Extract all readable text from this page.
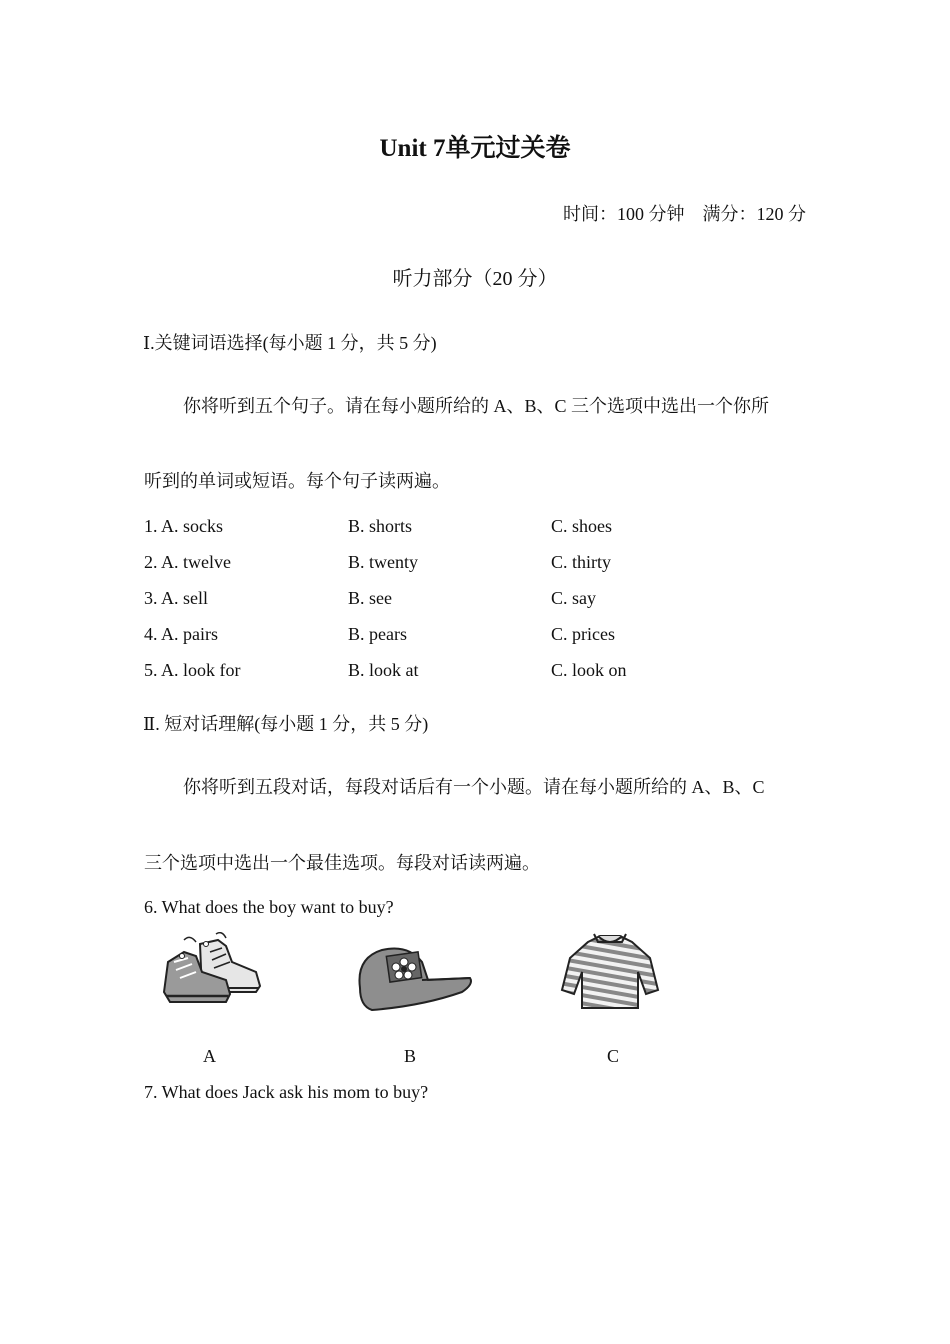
Unit 7单元过关卷
时间：100 分钟 满分：120 分
听力部分（20 分）
Ⅰ.关键词语选择(每小题 1 分，共 5 分)
你将听到五个句子。请在每小题所给的 A、B、C 三个选项中选出一个你所
听到的单词或短语。每个句子读两遍。
1. A. socks	B. shorts	C. shoes
2. A. twelve	B. twenty	C. thirty
3. A. sell	B. see	C. say
4. A. pairs	B. pears	C. prices
5. A. look for	B. look at	C. look on
Ⅱ. 短对话理解(每小题 1 分，共 5 分)
你将听到五段对话，每段对话后有一个小题。请在每小题所给的 A、B、C
三个选项中选出一个最佳选项。每段对话读两遍。
6. What does the boy want to buy?
A	B	C
7. What does Jack ask his mom to buy?
